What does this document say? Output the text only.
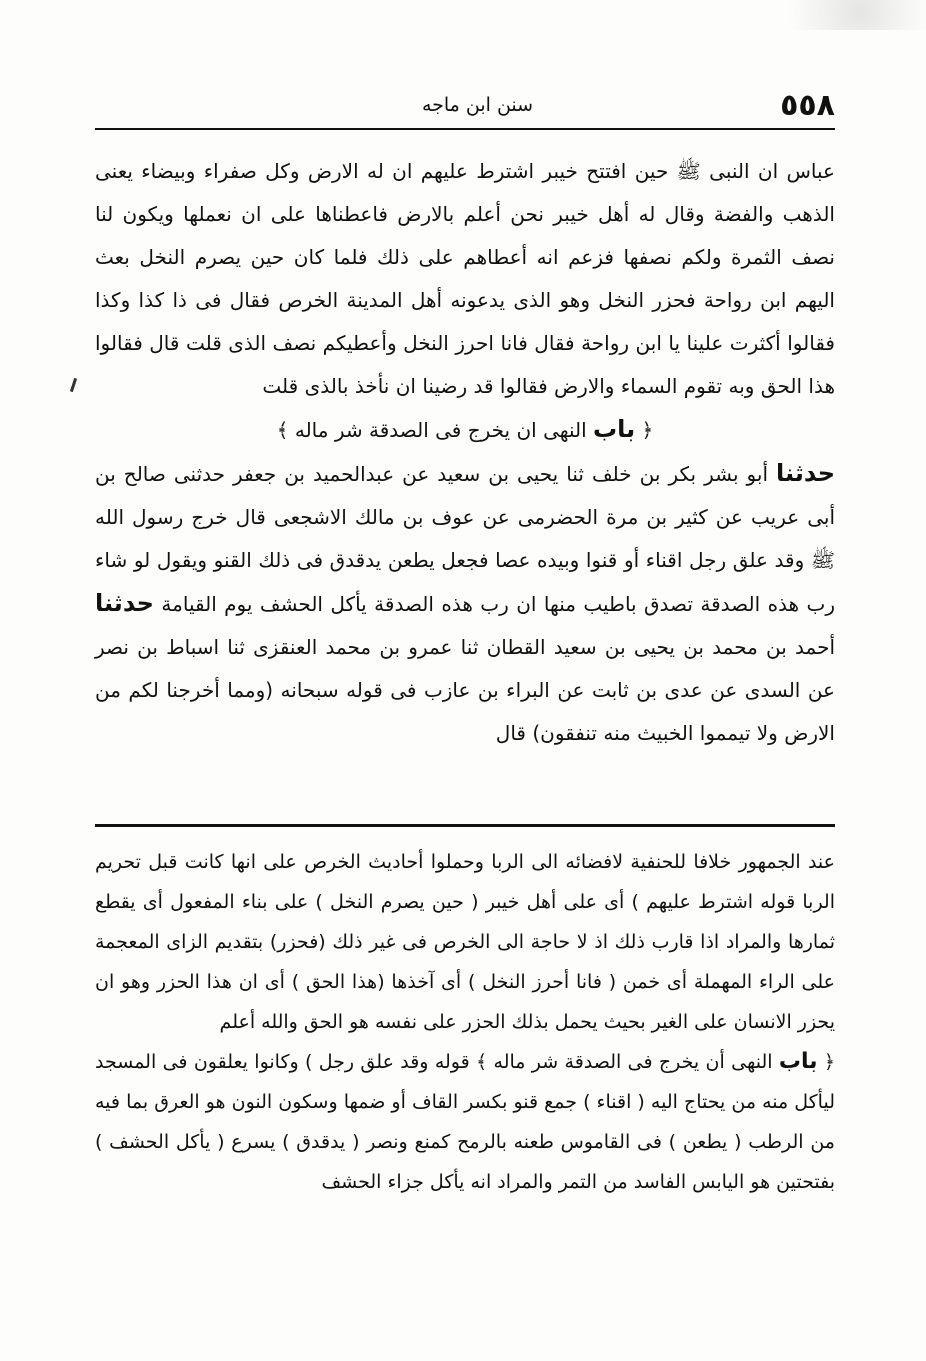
٥٥٨
سنن ابن ماجه

عباس ان النبی ﷺ حین افتتح خیبر اشترط علیهم ان له الارض وکل صفراء وبیضاء یعنی الذهب والفضة وقال له أهل خیبر نحن أعلم بالارض فاعطناها علی ان نعملها ویکون لنا نصف الثمرة ولکم نصفها فزعم انه أعطاهم علی ذلك فلما کان حین یصرم النخل بعث الیهم ابن رواحة فحزر النخل وهو الذی یدعونه أهل المدینة الخرص فقال فی ذا کذا وکذا فقالوا أکثرت علینا یا ابن رواحة فقال فانا احرز النخل وأعطیکم نصف الذی قلت قال فقالوا هذا الحق وبه تقوم السماء والارض فقالوا قد رضینا ان نأخذ بالذی قلت

﴿ باب النهی ان یخرج فی الصدقة شر ماله ﴾

حدثنا أبو بشر بکر بن خلف ثنا یحیی بن سعید عن عبدالحمید بن جعفر حدثنی صالح بن أبی عریب عن کثیر بن مرة الحضرمی عن عوف بن مالك الاشجعی قال خرج رسول الله ﷺ وقد علق رجل اقناء أو قنوا وبیده عصا فجعل یطعن یدقدق فی ذلك القنو ویقول لو شاء رب هذه الصدقة تصدق باطیب منها ان رب هذه الصدقة یأکل الحشف یوم القیامة حدثنا أحمد بن محمد بن یحیی بن سعید القطان ثنا عمرو بن محمد العنقزی ثنا اسباط بن نصر عن السدی عن عدی بن ثابت عن البراء بن عازب فی قوله سبحانه (ومما أخرجنا لکم من الارض ولا تیمموا الخبیث منه تنفقون) قال

عند الجمهور خلافا للحنفیة لافضائه الی الربا وحملوا أحادیث الخرص علی انها کانت قبل تحریم الربا قوله اشترط علیهم ) أی علی أهل خیبر ( حین یصرم النخل ) علی بناء المفعول أی یقطع ثمارها والمراد اذا قارب ذلك اذ لا حاجة الی الخرص فی غیر ذلك (فحزر) بتقدیم الزای المعجمة علی الراء المهملة أی خمن ( فانا أحرز النخل ) أی آخذها (هذا الحق ) أی ان هذا الحزر وهو ان یحزر الانسان علی الغیر بحیث یحمل بذلك الحزر علی نفسه هو الحق والله أعلم

﴿ باب النهی أن یخرج فی الصدقة شر ماله ﴾ قوله وقد علق رجل ) وکانوا یعلقون فی المسجد لیأکل منه من یحتاج الیه ( اقناء ) جمع قنو بکسر القاف أو ضمها وسکون النون هو العرق بما فیه من الرطب ( یطعن ) فی القاموس طعنه بالرمح کمنع ونصر ( یدقدق ) یسرع ( یأکل الحشف ) بفتحتین هو الیابس الفاسد من التمر والمراد انه یأکل جزاء الحشف
